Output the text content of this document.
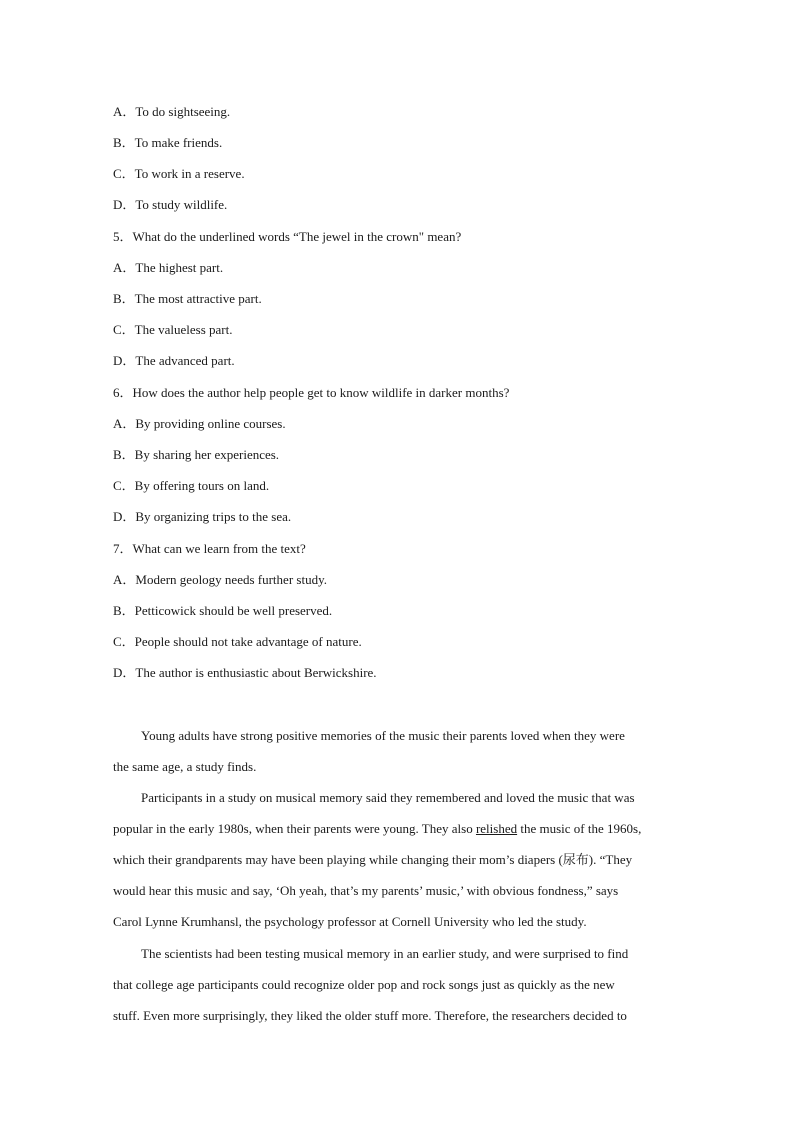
A．To do sightseeing.
B．To make friends.
C．To work in a reserve.
D．To study wildlife.
5．What do the underlined words “The jewel in the crown" mean?
A．The highest part.
B．The most attractive part.
C．The valueless part.
D．The advanced part.
6．How does the author help people get to know wildlife in darker months?
A．By providing online courses.
B．By sharing her experiences.
C．By offering tours on land.
D．By organizing trips to the sea.
7．What can we learn from the text?
A．Modern geology needs further study.
B．Petticowick should be well preserved.
C．People should not take advantage of nature.
D．The author is enthusiastic about Berwickshire.
Young adults have strong positive memories of the music their parents loved when they were
the same age, a study finds.
Participants in a study on musical memory said they remembered and loved the music that was
popular in the early 1980s, when their parents were young. They also relished the music of the 1960s,
which their grandparents may have been playing while changing their mom’s diapers (尿布). “They
would hear this music and say, ‘Oh yeah, that’s my parents’ music,’ with obvious fondness,” says
Carol Lynne Krumhansl, the psychology professor at Cornell University who led the study.
The scientists had been testing musical memory in an earlier study, and were surprised to find
that college age participants could recognize older pop and rock songs just as quickly as the new
stuff. Even more surprisingly, they liked the older stuff more. Therefore, the researchers decided to
